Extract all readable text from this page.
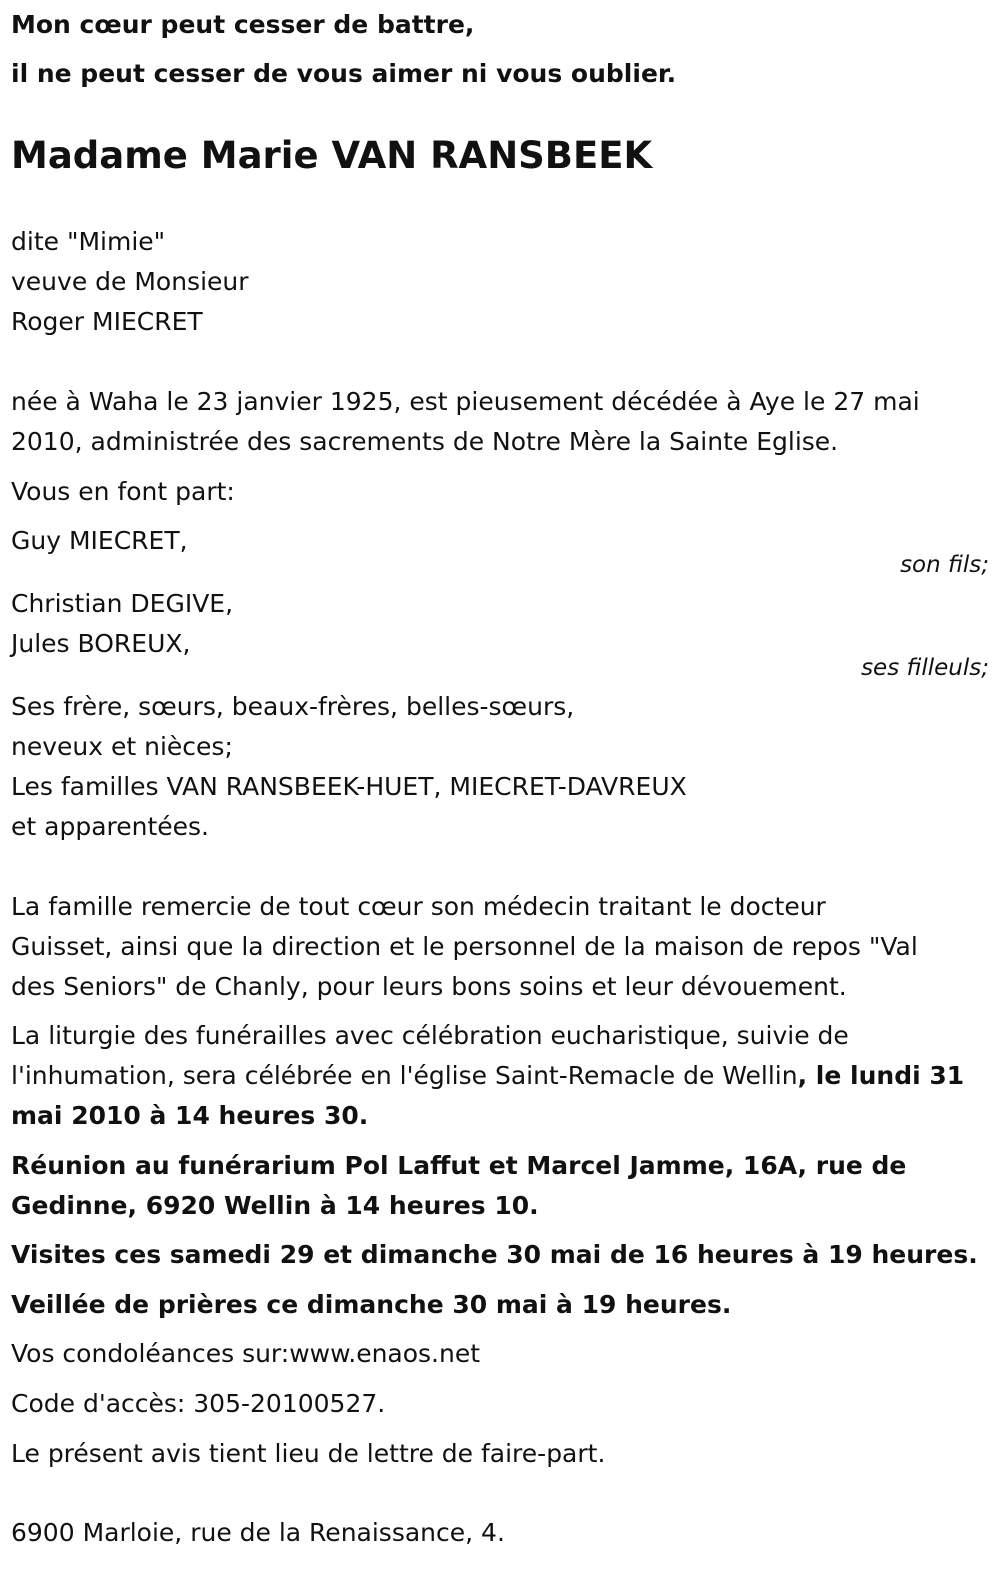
Mon cœur peut cesser de battre,

il ne peut cesser de vous aimer ni vous oublier.

Madame Marie VAN RANSBEEK

dite "Mimie"

veuve de Monsieur

Roger MIECRET

née à Waha le 23 janvier 1925, est pieusement décédée à Aye le 27 mai

2010, administrée des sacrements de Notre Mère la Sainte Eglise.

Vous en font part:

Guy MIECRET,

son fils;

Christian DEGIVE,

Jules BOREUX,

ses filleuls;

Ses frère, sœurs, beaux-frères, belles-sœurs,

neveux et nièces;

Les familles VAN RANSBEEK-HUET, MIECRET-DAVREUX

et apparentées.

La famille remercie de tout cœur son médecin traitant le docteur

Guisset, ainsi que la direction et le personnel de la maison de repos "Val

des Seniors" de Chanly, pour leurs bons soins et leur dévouement.

La liturgie des funérailles avec célébration eucharistique, suivie de

l'inhumation, sera célébrée en l'église Saint-Remacle de Wellin, le lundi 31

mai 2010 à 14 heures 30.

Réunion au funérarium Pol Laffut et Marcel Jamme, 16A, rue de

Gedinne, 6920 Wellin à 14 heures 10.

Visites ces samedi 29 et dimanche 30 mai de 16 heures à 19 heures.

Veillée de prières ce dimanche 30 mai à 19 heures.

Vos condoléances sur:www.enaos.net

Code d'accès: 305-20100527.

Le présent avis tient lieu de lettre de faire-part.

6900 Marloie, rue de la Renaissance, 4.
